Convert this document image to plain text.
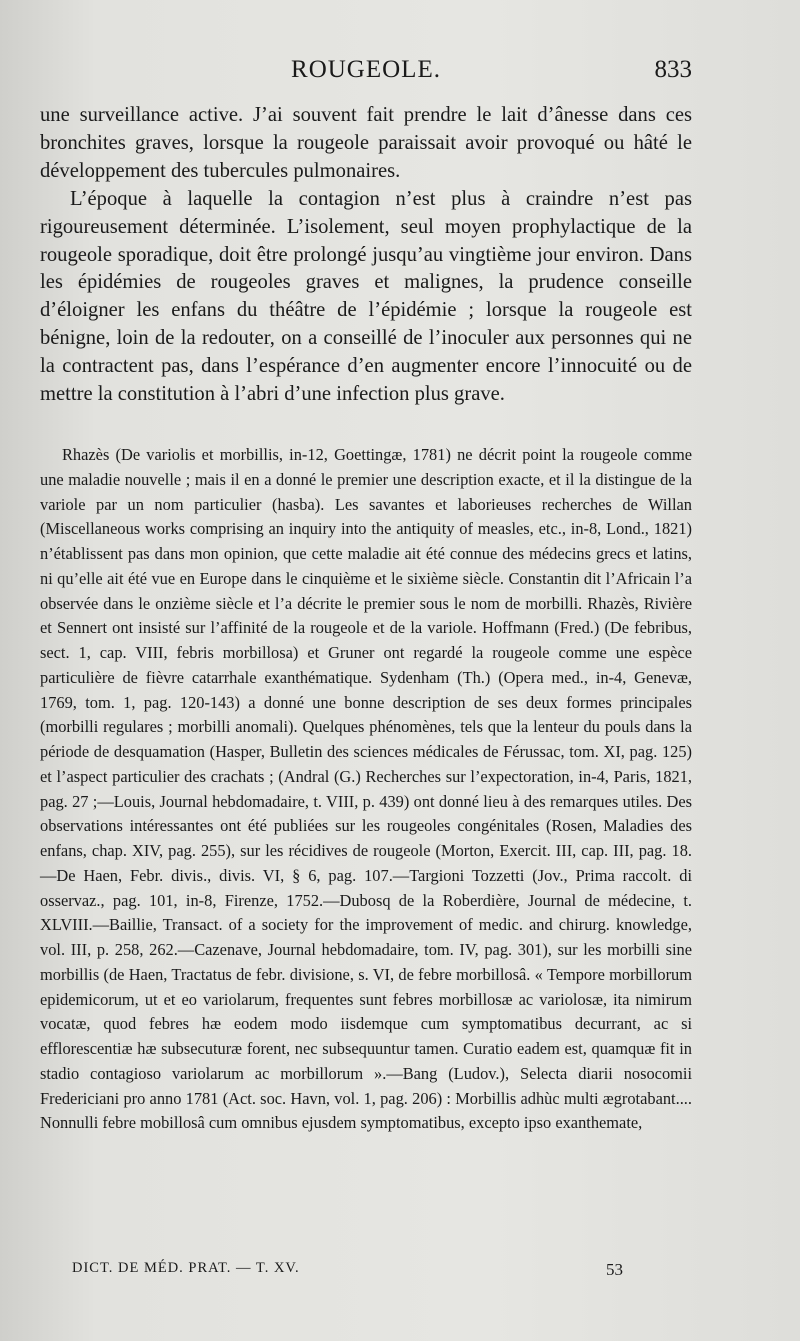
ROUGEOLE.	833

une surveillance active. J’ai souvent fait prendre le lait d’ânesse dans ces bronchites graves, lorsque la rougeole paraissait avoir provoqué ou hâté le développement des tubercules pulmonaires.

L’époque à laquelle la contagion n’est plus à craindre n’est pas rigoureusement déterminée. L’isolement, seul moyen prophylactique de la rougeole sporadique, doit être prolongé jusqu’au vingtième jour environ. Dans les épidémies de rougeoles graves et malignes, la prudence conseille d’éloigner les enfans du théâtre de l’épidémie ; lorsque la rougeole est bénigne, loin de la redouter, on a conseillé de l’inoculer aux personnes qui ne la contractent pas, dans l’espérance d’en augmenter encore l’innocuité ou de mettre la constitution à l’abri d’une infection plus grave.

Rhazès (De variolis et morbillis, in-12, Goettingæ, 1781) ne décrit point la rougeole comme une maladie nouvelle ; mais il en a donné le premier une description exacte, et il la distingue de la variole par un nom particulier (hasba). Les savantes et laborieuses recherches de Willan (Miscellaneous works comprising an inquiry into the antiquity of measles, etc., in-8, Lond., 1821) n’établissent pas dans mon opinion, que cette maladie ait été connue des médecins grecs et latins, ni qu’elle ait été vue en Europe dans le cinquième et le sixième siècle. Constantin dit l’Africain l’a observée dans le onzième siècle et l’a décrite le premier sous le nom de morbilli. Rhazès, Rivière et Sennert ont insisté sur l’affinité de la rougeole et de la variole. Hoffmann (Fred.) (De febribus, sect. 1, cap. VIII, febris morbillosa) et Gruner ont regardé la rougeole comme une espèce particulière de fièvre catarrhale exanthématique. Sydenham (Th.) (Opera med., in-4, Genevæ, 1769, tom. 1, pag. 120-143) a donné une bonne description de ses deux formes principales (morbilli regulares ; morbilli anomali). Quelques phénomènes, tels que la lenteur du pouls dans la période de desquamation (Hasper, Bulletin des sciences médicales de Férussac, tom. XI, pag. 125) et l’aspect particulier des crachats ; (Andral (G.) Recherches sur l’expectoration, in-4, Paris, 1821, pag. 27 ;—Louis, Journal hebdomadaire, t. VIII, p. 439) ont donné lieu à des remarques utiles. Des observations intéressantes ont été publiées sur les rougeoles congénitales (Rosen, Maladies des enfans, chap. XIV, pag. 255), sur les récidives de rougeole (Morton, Exercit. III, cap. III, pag. 18.—De Haen, Febr. divis., divis. VI, § 6, pag. 107.—Targioni Tozzetti (Jov., Prima raccolt. di osservaz., pag. 101, in-8, Firenze, 1752.—Dubosq de la Roberdière, Journal de médecine, t. XLVIII.—Baillie, Transact. of a society for the improvement of medic. and chirurg. knowledge, vol. III, p. 258, 262.—Cazenave, Journal hebdomadaire, tom. IV, pag. 301), sur les morbilli sine morbillis (de Haen, Tractatus de febr. divisione, s. VI, de febre morbillosâ. « Tempore morbillorum epidemicorum, ut et eo variolarum, frequentes sunt febres morbillosæ ac variolosæ, ita nimirum vocatæ, quod febres hæ eodem modo iisdemque cum symptomatibus decurrant, ac si efflorescentiæ hæ subsecuturæ forent, nec subsequuntur tamen. Curatio eadem est, quamquæ fit in stadio contagioso variolarum ac morbillorum ».—Bang (Ludov.), Selecta diarii nosocomii Fredericiani pro anno 1781 (Act. soc. Havn, vol. 1, pag. 206) : Morbillis adhùc multi ægrotabant.... Nonnulli febre mobillosâ cum omnibus ejusdem symptomatibus, excepto ipso exanthemate,

DICT. DE MÉD. PRAT. — T. XV.	53
